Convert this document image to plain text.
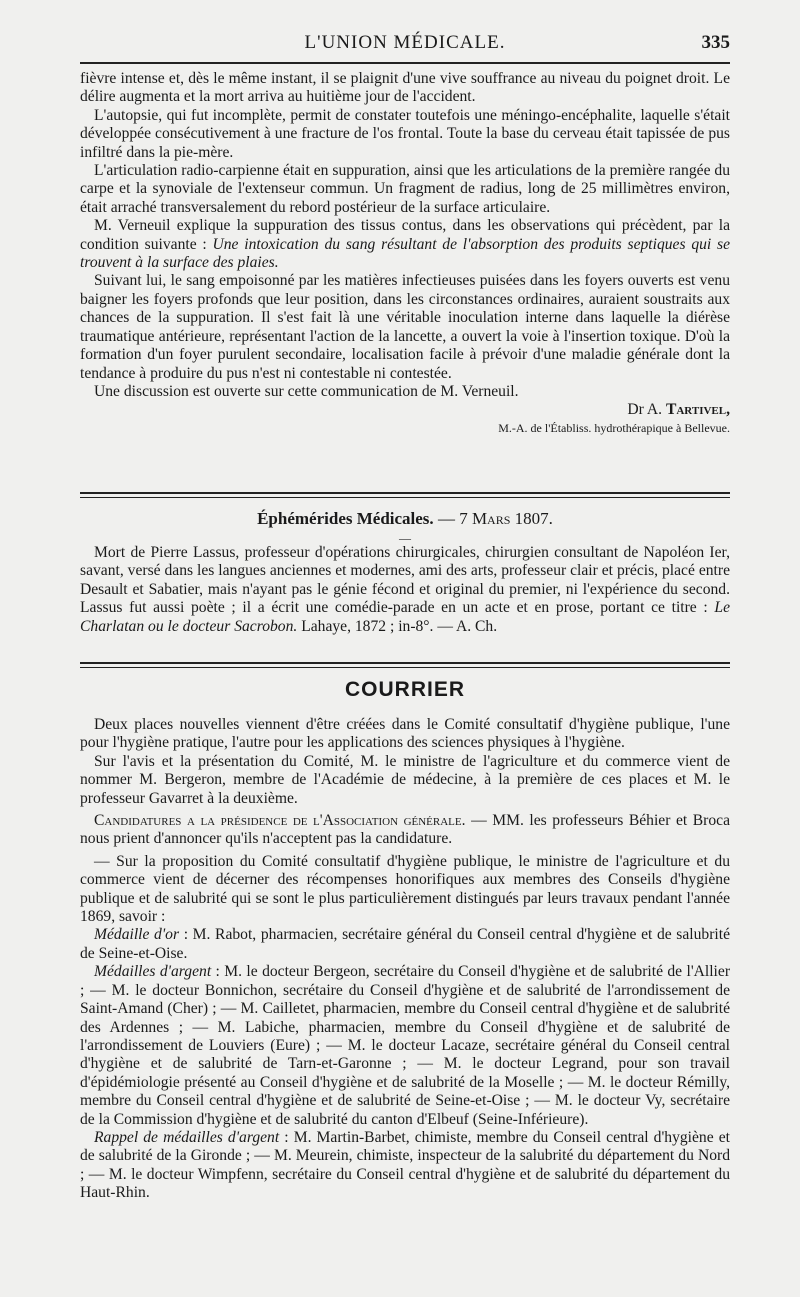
L'UNION MÉDICALE.	335

fièvre intense et, dès le même instant, il se plaignit d'une vive souffrance au niveau du poignet droit. Le délire augmenta et la mort arriva au huitième jour de l'accident.

L'autopsie, qui fut incomplète, permit de constater toutefois une méningo-encéphalite, laquelle s'était développée consécutivement à une fracture de l'os frontal. Toute la base du cerveau était tapissée de pus infiltré dans la pie-mère.

L'articulation radio-carpienne était en suppuration, ainsi que les articulations de la première rangée du carpe et la synoviale de l'extenseur commun. Un fragment de radius, long de 25 millimètres environ, était arraché transversalement du rebord postérieur de la surface articulaire.

M. Verneuil explique la suppuration des tissus contus, dans les observations qui précèdent, par la condition suivante : Une intoxication du sang résultant de l'absorption des produits septiques qui se trouvent à la surface des plaies.

Suivant lui, le sang empoisonné par les matières infectieuses puisées dans les foyers ouverts est venu baigner les foyers profonds que leur position, dans les circonstances ordinaires, auraient soustraits aux chances de la suppuration. Il s'est fait là une véritable inoculation interne dans laquelle la diérèse traumatique antérieure, représentant l'action de la lancette, a ouvert la voie à l'insertion toxique. D'où la formation d'un foyer purulent secondaire, localisation facile à prévoir d'une maladie générale dont la tendance à produire du pus n'est ni contestable ni contestée.

Une discussion est ouverte sur cette communication de M. Verneuil.

Dr A. Tartivel,

M.-A. de l'Établiss. hydrothérapique à Bellevue.

Éphémérides Médicales. — 7 Mars 1807.

—

Mort de Pierre Lassus, professeur d'opérations chirurgicales, chirurgien consultant de Napoléon Ier, savant, versé dans les langues anciennes et modernes, ami des arts, professeur clair et précis, placé entre Desault et Sabatier, mais n'ayant pas le génie fécond et original du premier, ni l'expérience du second. Lassus fut aussi poète ; il a écrit une comédie-parade en un acte et en prose, portant ce titre : Le Charlatan ou le docteur Sacrobon. Lahaye, 1872 ; in-8°. — A. Ch.

COURRIER

Deux places nouvelles viennent d'être créées dans le Comité consultatif d'hygiène publique, l'une pour l'hygiène pratique, l'autre pour les applications des sciences physiques à l'hygiène.

Sur l'avis et la présentation du Comité, M. le ministre de l'agriculture et du commerce vient de nommer M. Bergeron, membre de l'Académie de médecine, à la première de ces places et M. le professeur Gavarret à la deuxième.

Candidatures a la présidence de l'Association générale. — MM. les professeurs Béhier et Broca nous prient d'annoncer qu'ils n'acceptent pas la candidature.

— Sur la proposition du Comité consultatif d'hygiène publique, le ministre de l'agriculture et du commerce vient de décerner des récompenses honorifiques aux membres des Conseils d'hygiène publique et de salubrité qui se sont le plus particulièrement distingués par leurs travaux pendant l'année 1869, savoir :

Médaille d'or : M. Rabot, pharmacien, secrétaire général du Conseil central d'hygiène et de salubrité de Seine-et-Oise.

Médailles d'argent : M. le docteur Bergeon, secrétaire du Conseil d'hygiène et de salubrité de l'Allier ; — M. le docteur Bonnichon, secrétaire du Conseil d'hygiène et de salubrité de l'arrondissement de Saint-Amand (Cher) ; — M. Cailletet, pharmacien, membre du Conseil central d'hygiène et de salubrité des Ardennes ; — M. Labiche, pharmacien, membre du Conseil d'hygiène et de salubrité de l'arrondissement de Louviers (Eure) ; — M. le docteur Lacaze, secrétaire général du Conseil central d'hygiène et de salubrité de Tarn-et-Garonne ; — M. le docteur Legrand, pour son travail d'épidémiologie présenté au Conseil d'hygiène et de salubrité de la Moselle ; — M. le docteur Rémilly, membre du Conseil central d'hygiène et de salubrité de Seine-et-Oise ; — M. le docteur Vy, secrétaire de la Commission d'hygiène et de salubrité du canton d'Elbeuf (Seine-Inférieure).

Rappel de médailles d'argent : M. Martin-Barbet, chimiste, membre du Conseil central d'hygiène et de salubrité de la Gironde ; — M. Meurein, chimiste, inspecteur de la salubrité du département du Nord ; — M. le docteur Wimpfenn, secrétaire du Conseil central d'hygiène et de salubrité du département du Haut-Rhin.
